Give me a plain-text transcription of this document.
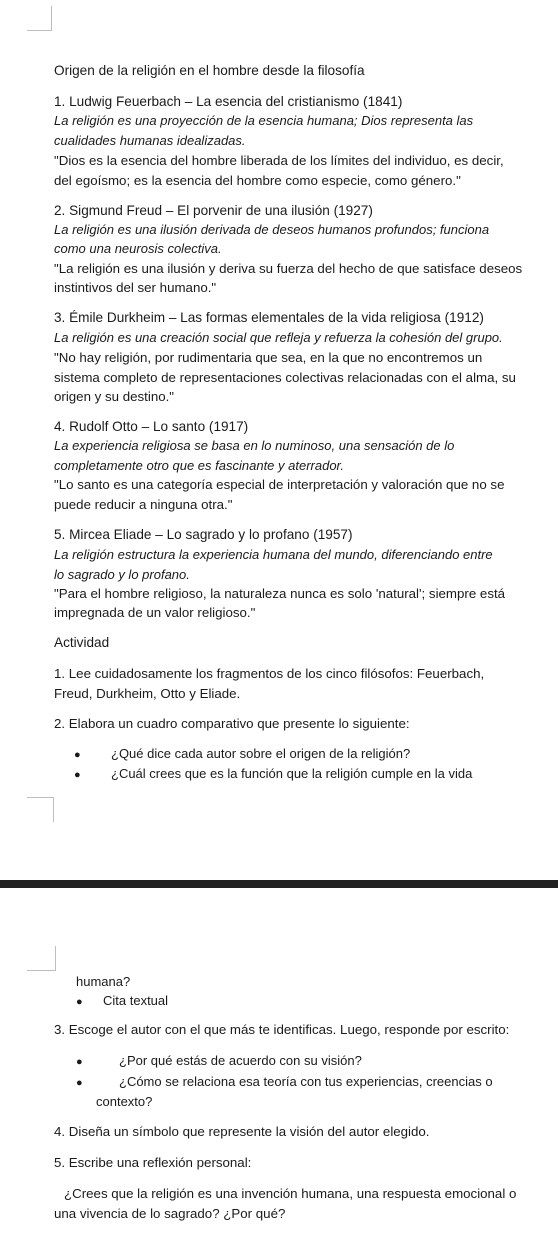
Origen de la religión en el hombre desde la filosofía
1. Ludwig Feuerbach – La esencia del cristianismo (1841)
La religión es una proyección de la esencia humana; Dios representa las
cualidades humanas idealizadas.
"Dios es la esencia del hombre liberada de los límites del individuo, es decir,
del egoísmo; es la esencia del hombre como especie, como género."
2. Sigmund Freud – El porvenir de una ilusión (1927)
La religión es una ilusión derivada de deseos humanos profundos; funciona
como una neurosis colectiva.
"La religión es una ilusión y deriva su fuerza del hecho de que satisface deseos
instintivos del ser humano."
3. Émile Durkheim – Las formas elementales de la vida religiosa (1912)
La religión es una creación social que refleja y refuerza la cohesión del grupo.
"No hay religión, por rudimentaria que sea, en la que no encontremos un
sistema completo de representaciones colectivas relacionadas con el alma, su
origen y su destino."
4. Rudolf Otto – Lo santo (1917)
La experiencia religiosa se basa en lo numinoso, una sensación de lo
completamente otro que es fascinante y aterrador.
"Lo santo es una categoría especial de interpretación y valoración que no se
puede reducir a ninguna otra."
5. Mircea Eliade – Lo sagrado y lo profano (1957)
La religión estructura la experiencia humana del mundo, diferenciando entre
lo sagrado y lo profano.
"Para el hombre religioso, la naturaleza nunca es solo 'natural'; siempre está
impregnada de un valor religioso."
Actividad
1. Lee cuidadosamente los fragmentos de los cinco filósofos: Feuerbach,
Freud, Durkheim, Otto y Eliade.
2. Elabora un cuadro comparativo que presente lo siguiente:
● ¿Qué dice cada autor sobre el origen de la religión?
● ¿Cuál crees que es la función que la religión cumple en la vida
humana?
● Cita textual
3. Escoge el autor con el que más te identificas. Luego, responde por escrito:
●	¿Por qué estás de acuerdo con su visión?
●	¿Cómo se relaciona esa teoría con tus experiencias, creencias o
contexto?
4. Diseña un símbolo que represente la visión del autor elegido.
5. Escribe una reflexión personal:
¿Crees que la religión es una invención humana, una respuesta emocional o
una vivencia de lo sagrado? ¿Por qué?
